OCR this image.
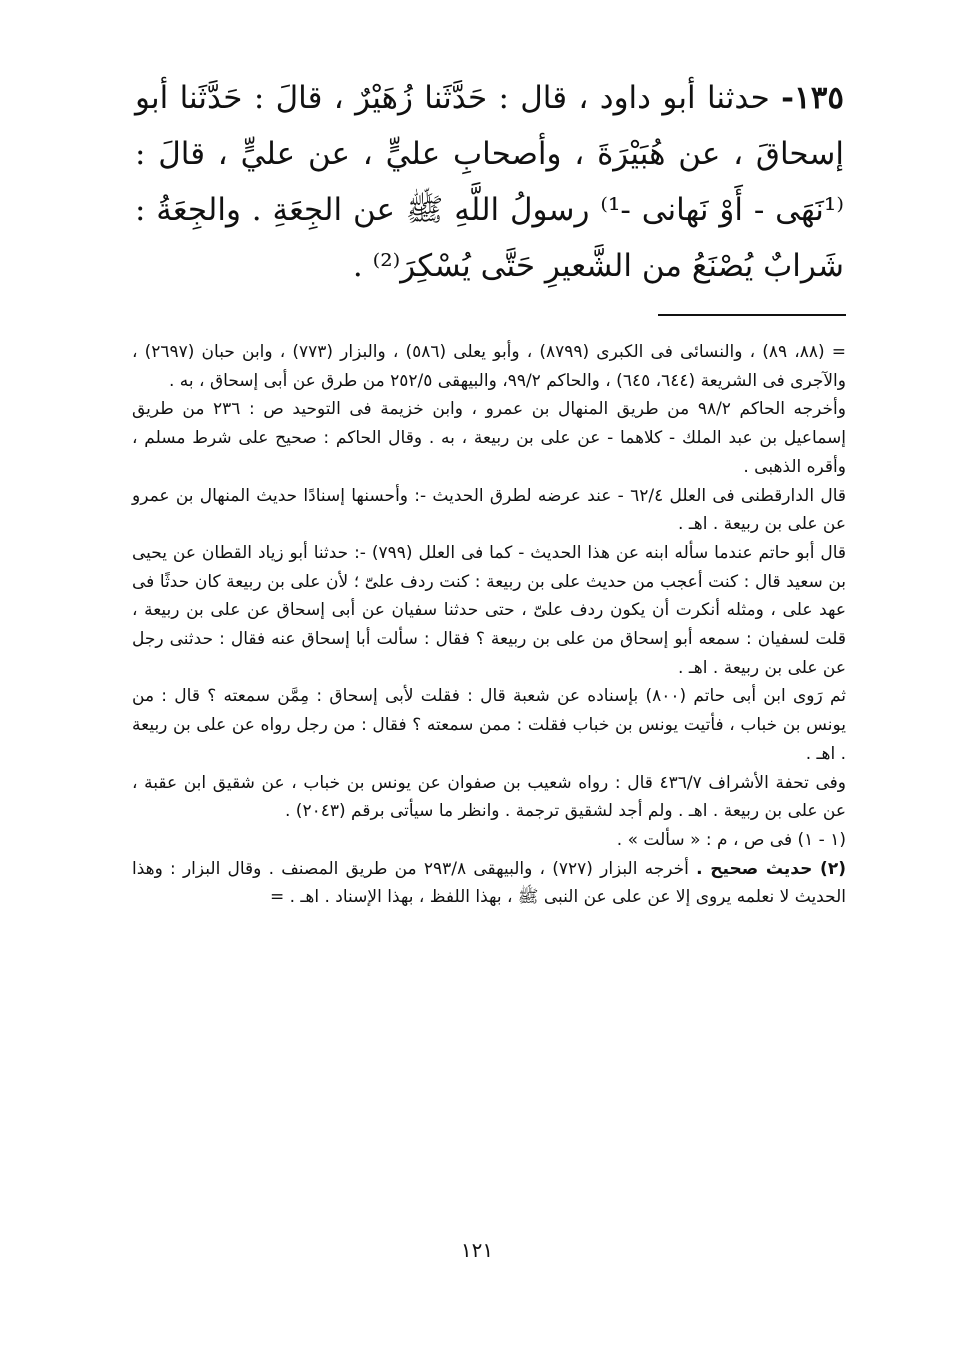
١٣٥- حدثنا أبو داود ، قال : حَدَّثَنا زُهَيْرٌ ، قالَ : حَدَّثَنا أبو إسحاقَ ، عن هُبَيْرَةَ ، وأصحابِ عليٍّ ، عن عليٍّ ، قالَ : ⁽¹نَهَى - أَوْ نَهانى -¹⁾ رسولُ اللَّهِ ﷺ عن الجِعَةِ . والجِعَةُ : شَرابٌ يُصْنَعُ من الشَّعيرِ حَتَّى يُسْكِرَ⁽²⁾ .

= (٨٨، ٨٩) ، والنسائى فى الكبرى (٨٧٩٩) ، وأبو يعلى (٥٨٦) ، والبزار (٧٧٣) ، وابن حبان (٢٦٩٧) ، والآجرى فى الشريعة (٦٤٤، ٦٤٥) ، والحاكم ٩٩/٢، والبيهقى ٢٥٢/٥ من طرق عن أبى إسحاق ، به .

وأخرجه الحاكم ٩٨/٢ من طريق المنهال بن عمرو ، وابن خزيمة فى التوحيد ص : ٢٣٦ من طريق إسماعيل بن عبد الملك - كلاهما - عن على بن ربيعة ، به . وقال الحاكم : صحيح على شرط مسلم ، وأقره الذهبى .

قال الدارقطنى فى العلل ٦٢/٤ - عند عرضه لطرق الحديث -: وأحسنها إسنادًا حديث المنهال بن عمرو عن على بن ربيعة . اهـ .

قال أبو حاتم عندما سأله ابنه عن هذا الحديث - كما فى العلل (٧٩٩) -: حدثنا أبو زياد القطان عن يحيى بن سعيد قال : كنت أعجب من حديث على بن ربيعة : كنت ردف علىّ ؛ لأن على بن ربيعة كان حدثًا فى عهد على ، ومثله أنكرت أن يكون ردف علىّ ، حتى حدثنا سفيان عن أبى إسحاق عن على بن ربيعة ، قلت لسفيان : سمعه أبو إسحاق من على بن ربيعة ؟ فقال : سألت أبا إسحاق عنه فقال : حدثنى رجل عن على بن ربيعة . اهـ .

ثم رَوى ابن أبى حاتم (٨٠٠) بإسناده عن شعبة قال : فقلت لأبى إسحاق : مِمَّن سمعته ؟ قال : من يونس بن خباب ، فأتيت يونس بن خباب فقلت : ممن سمعته ؟ فقال : من رجل رواه عن على بن ربيعة . اهـ .

وفى تحفة الأشراف ٤٣٦/٧ قال : رواه شعيب بن صفوان عن يونس بن خباب ، عن شقيق ابن عقبة ، عن على بن ربيعة . اهـ . ولم أجد لشقيق ترجمة . وانظر ما سيأتى برقم (٢٠٤٣) .

(١ - ١) فى ص ، م : « سألت » .

(٢) حديث صحيح . أخرجه البزار (٧٢٧) ، والبيهقى ٢٩٣/٨ من طريق المصنف . وقال البزار : وهذا الحديث لا نعلمه يروى إلا عن على عن النبى ﷺ ، بهذا اللفظ ، بهذا الإسناد . اهـ . =

١٢١
